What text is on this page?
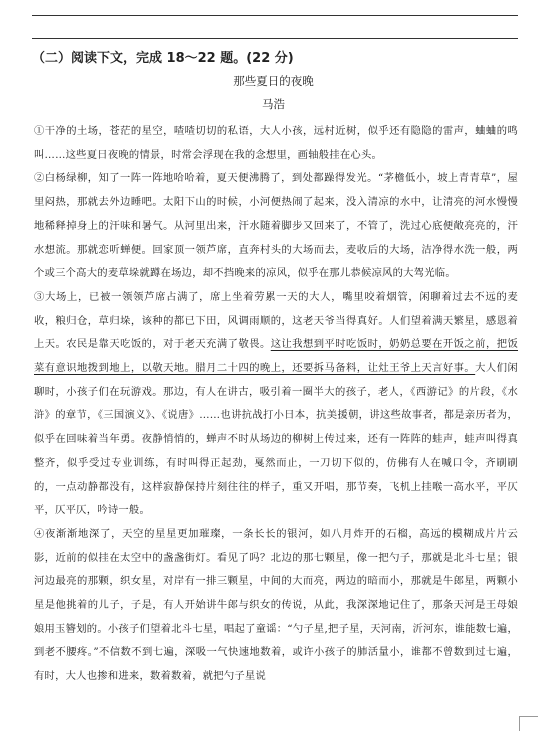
（二）阅读下文，完成 18～22 题。(22 分)
那些夏日的夜晚
马浩

①干净的土场，苍茫的星空，喳喳切切的私语，大人小孩，远村近树，似乎还有隐隐的雷声，蛐蛐的鸣叫……这些夏日夜晚的情景，时常会浮现在我的念想里，画轴般挂在心头。

②白杨绿柳，知了一阵一阵地哈哈着，夏天便沸腾了，到处都躁得发光。“茅檐低小，坡上青青草”，屋里闷热，那就去外边睡吧。太阳下山的时候，小河便热闹了起来，没入清凉的水中，让清亮的河水慢慢地稀释掉身上的汗味和暑气。从河里出来，汗水随着脚步又回来了，不管了，洗过心底便敞亮亮的，汗水想流。那就恋听蝉便。回家顶一领芦席，直奔村头的大场而去，麦收后的大场，洁净得水洗一般，两个或三个高大的麦草垛就蹲在场边，却不挡晚来的凉风，似乎在那儿恭候凉风的大驾光临。

③大场上，已被一领领芦席占满了，席上坐着劳累一天的大人，嘴里咬着烟管，闲聊着过去不远的麦收，粮归仓，草归垛，该种的都已下田，风调雨顺的，这老天爷当得真好。人们望着满天繁星，感恩着上天。农民是靠天吃饭的，对于老天充满了敬畏。这让我想到平时吃饭时，奶奶总要在开饭之前，把饭菜有意识地拨到地上，以敬天地。腊月二十四的晚上，还要拆马备料，让灶王爷上天言好事。大人们闲聊时，小孩子们在玩游戏。那边，有人在讲古，吸引着一圈半大的孩子，老人，《西游记》的片段，《水浒》的章节，《三国演义》、《说唐》……也讲抗战打小日本，抗美援朝，讲这些故事者，都是亲历者为，似乎在回味着当年勇。夜静悄悄的，蝉声不时从场边的柳树上传过来，还有一阵阵的蛙声，蛙声叫得真整齐，似乎受过专业训练，有时叫得正起劲，戛然而止，一刀切下似的，仿佛有人在喊口令，齐刷刷的，一点动静都没有，这样寂静保持片刻往往的样子，重又开唱，那节奏，飞机上挂喉一高水平，平仄平，仄平仄，吟诗一般。

④夜渐渐地深了，天空的星星更加璀璨，一条长长的银河，如八月炸开的石榴，高远的模糊成片片云影，近前的似挂在太空中的盏盏街灯。看见了吗？北边的那七颗星，像一把勺子，那就是北斗七星；银河边最亮的那颗，织女星，对岸有一排三颗星，中间的大而亮，两边的暗而小，那就是牛郎星，两颗小星是他挑着的儿子，子是，有人开始讲牛郎与织女的传说，从此，我深深地记住了，那条天河是王母娘娘用玉簪划的。小孩子们望着北斗七星，唱起了童谣：“勺子星,把子星，天河南，沂河东，谁能数七遍，到老不腰疼。”不信数不到七遍，深吸一气快速地数着，或许小孩子的肺活量小，谁都不曾数到过七遍，有时，大人也掺和进来，数着数着，就把勺子星说
